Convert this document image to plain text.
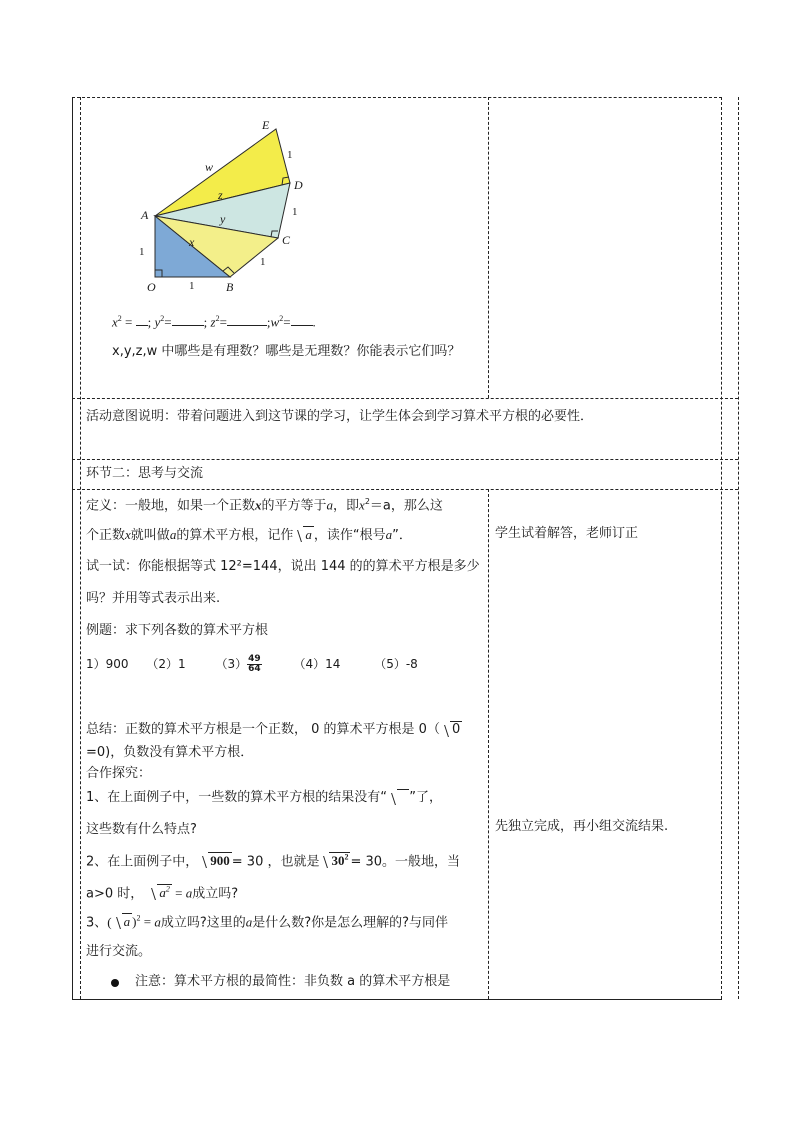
E
D
C
A
B
O
w
z
y
x
1
1
1
1
1
$x^2$ = ; $y^2=$ ; $z^2=$	$;w^2=$ .
x,y,z,w 中哪些是有理数？哪些是无理数？你能表示它们吗？
活动意图说明：带着问题进入到这节课的学习，让学生体会到学习算术平方根的必要性．
环节二：思考与交流
定义：一般地，如果一个正数x的平方等于a，即$x^2=a$，那么这
个正数x就叫做a的算术平方根，记作 a ，读作“根号a”．
试一试：你能根据等式 12²=144，说出 144 的的算术平方根是多少
吗？并用等式表示出来.
例题：求下列各数的算术平方根
1）900 （2）1 $(3) \frac{49}{64}$	（4）14	（5）-8
总结：正数的算术平方根是一个正数， 0 的算术平方根是 0（ 0
=0)，负数没有算术平方根．
合作探究：
1、在上面例子中，一些数的算术平方根的结果没有“ ”了，
这些数有什么特点?
2、在上面例子中， 900 = 30 ，也就是 $30^2 = 30$。一般地，当
a>0 时， $a^2 = a$成立吗?
3、( a )$^2$ = a成立吗?这里的a是什么数?你是怎么理解的?与同伴
进行交流。
注意：算术平方根的最简性：非负数 a 的算术平方根是
学生试着解答，老师订正
先独立完成，再小组交流结果.
